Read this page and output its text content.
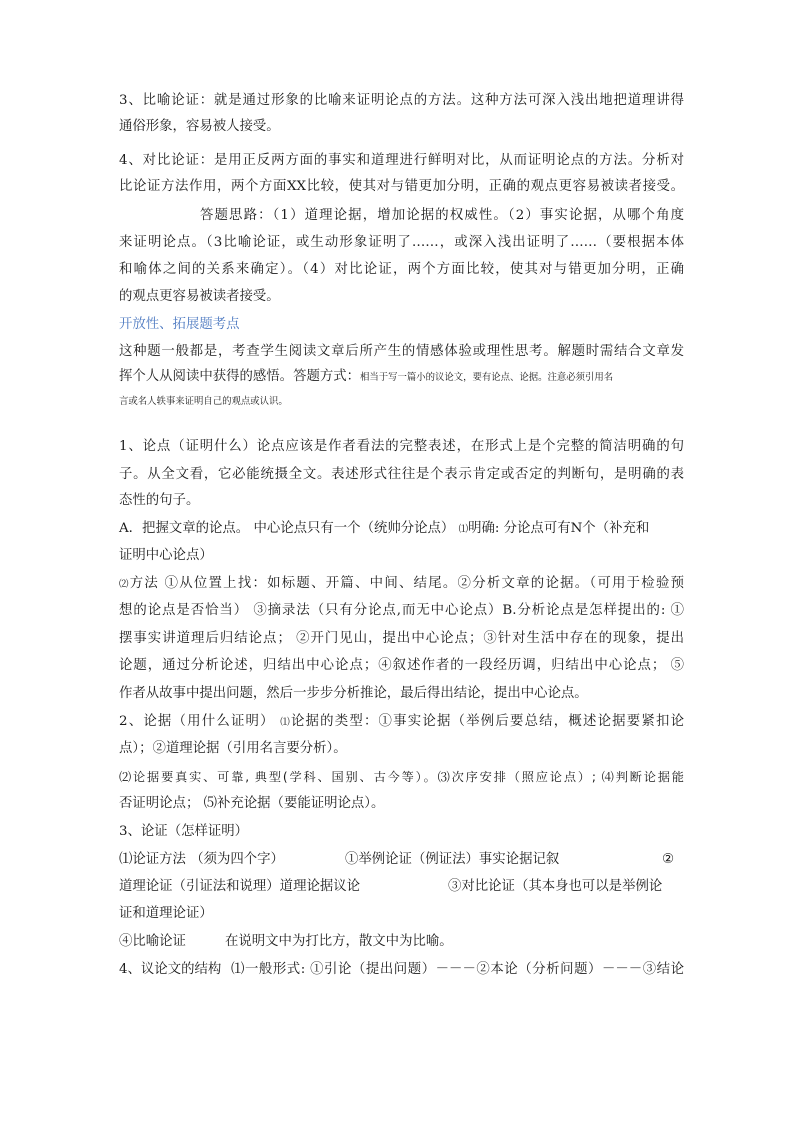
3、比喻论证：就是通过形象的比喻来证明论点的方法。这种方法可深入浅出地把道理讲得
通俗形象，容易被人接受。
4、对比论证：是用正反两方面的事实和道理进行鲜明对比，从而证明论点的方法。分析对
比论证方法作用，两个方面XX比较，使其对与错更加分明，正确的观点更容易被读者接受。
答题思路：（1）道理论据，增加论据的权威性。（2）事实论据，从哪个角度
来证明论点。（3比喻论证，或生动形象证明了……，或深入浅出证明了……（要根据本体
和喻体之间的关系来确定）。（4）对比论证，两个方面比较，使其对与错更加分明，正确
的观点更容易被读者接受。
开放性、拓展题考点
这种题一般都是，考查学生阅读文章后所产生的情感体验或理性思考。解题时需结合文章发
挥个人从阅读中获得的感悟。答题方式：相当于写一篇小的议论文，要有论点、论据。注意必须引用名
言或名人轶事来证明自己的观点或认识。
1、论点（证明什么）论点应该是作者看法的完整表述，在形式上是个完整的简洁明确的句
子。从全文看，它必能统摄全文。表述形式往往是个表示肯定或否定的判断句，是明确的表
态性的句子。
A．把握文章的论点。 中心论点只有一个（统帅分论点） ⑴明确: 分论点可有N个（补充和
证明中心论点）
⑵方法 ①从位置上找：如标题、开篇、中间、结尾。②分析文章的论据。（可用于检验预
想的论点是否恰当） ③摘录法（只有分论点,而无中心论点）B.分析论点是怎样提出的: ①
摆事实讲道理后归结论点； ②开门见山，提出中心论点；③针对生活中存在的现象，提出
论题，通过分析论述，归结出中心论点；④叙述作者的一段经历调，归结出中心论点； ⑤
作者从故事中提出问题，然后一步步分析推论，最后得出结论，提出中心论点。
2、论据（用什么证明） ⑴论据的类型：①事实论据（举例后要总结，概述论据要紧扣论
点）；②道理论据（引用名言要分析）。
⑵论据要真实、可靠, 典型(学科、国别、古今等）。⑶次序安排（照应论点）; ⑷判断论据能
否证明论点； ⑸补充论据（要能证明论点）。
3、论证（怎样证明）
⑴论证方法 （须为四个字）	①举例论证（例证法）事实论据记叙	②
道理论证（引证法和说理）道理论据议论	③对比论证（其本身也可以是举例论
证和道理论证）
④比喻论证	在说明文中为打比方，散文中为比喻。
4、议论文的结构 ⑴一般形式: ①引论（提出问题）－－－②本论（分析问题）－－－③结论
